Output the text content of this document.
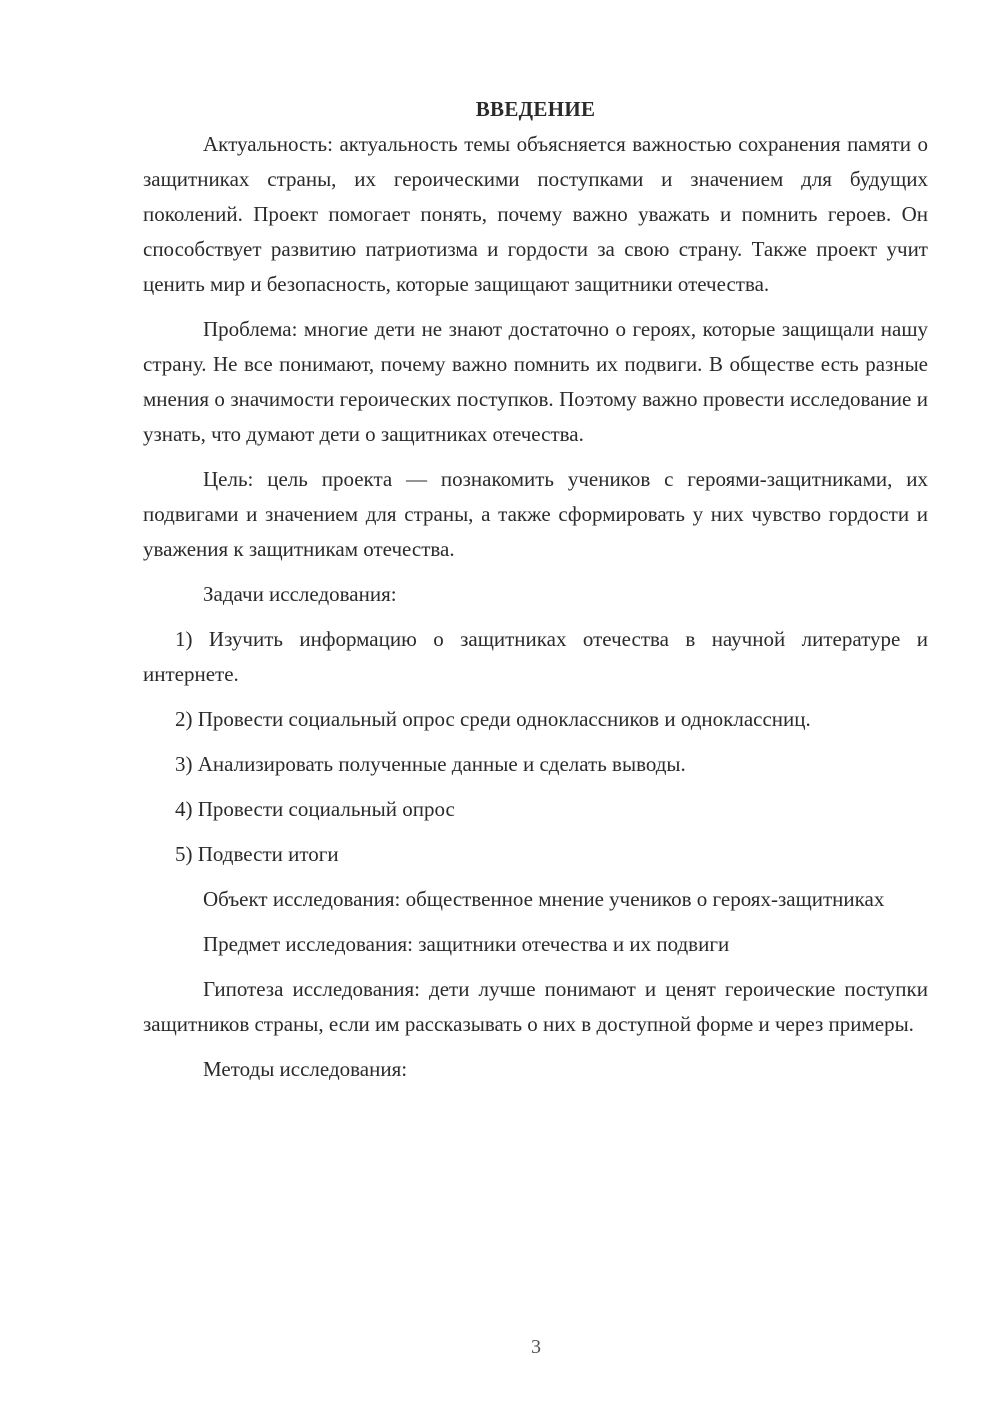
ВВЕДЕНИЕ

Актуальность: актуальность темы объясняется важностью сохранения памяти о защитниках страны, их героическими поступками и значением для будущих поколений. Проект помогает понять, почему важно уважать и помнить героев. Он способствует развитию патриотизма и гордости за свою страну. Также проект учит ценить мир и безопасность, которые защищают защитники отечества.

Проблема: многие дети не знают достаточно о героях, которые защищали нашу страну. Не все понимают, почему важно помнить их подвиги. В обществе есть разные мнения о значимости героических поступков. Поэтому важно провести исследование и узнать, что думают дети о защитниках отечества.

Цель: цель проекта — познакомить учеников с героями-защитниками, их подвигами и значением для страны, а также сформировать у них чувство гордости и уважения к защитникам отечества.

Задачи исследования:

1) Изучить информацию о защитниках отечества в научной литературе и интернете.

2) Провести социальный опрос среди одноклассников и одноклассниц.

3) Анализировать полученные данные и сделать выводы.

4) Провести социальный опрос

5) Подвести итоги

Объект исследования: общественное мнение учеников о героях-защитниках

Предмет исследования: защитники отечества и их подвиги

Гипотеза исследования: дети лучше понимают и ценят героические поступки защитников страны, если им рассказывать о них в доступной форме и через примеры.

Методы исследования:

3
